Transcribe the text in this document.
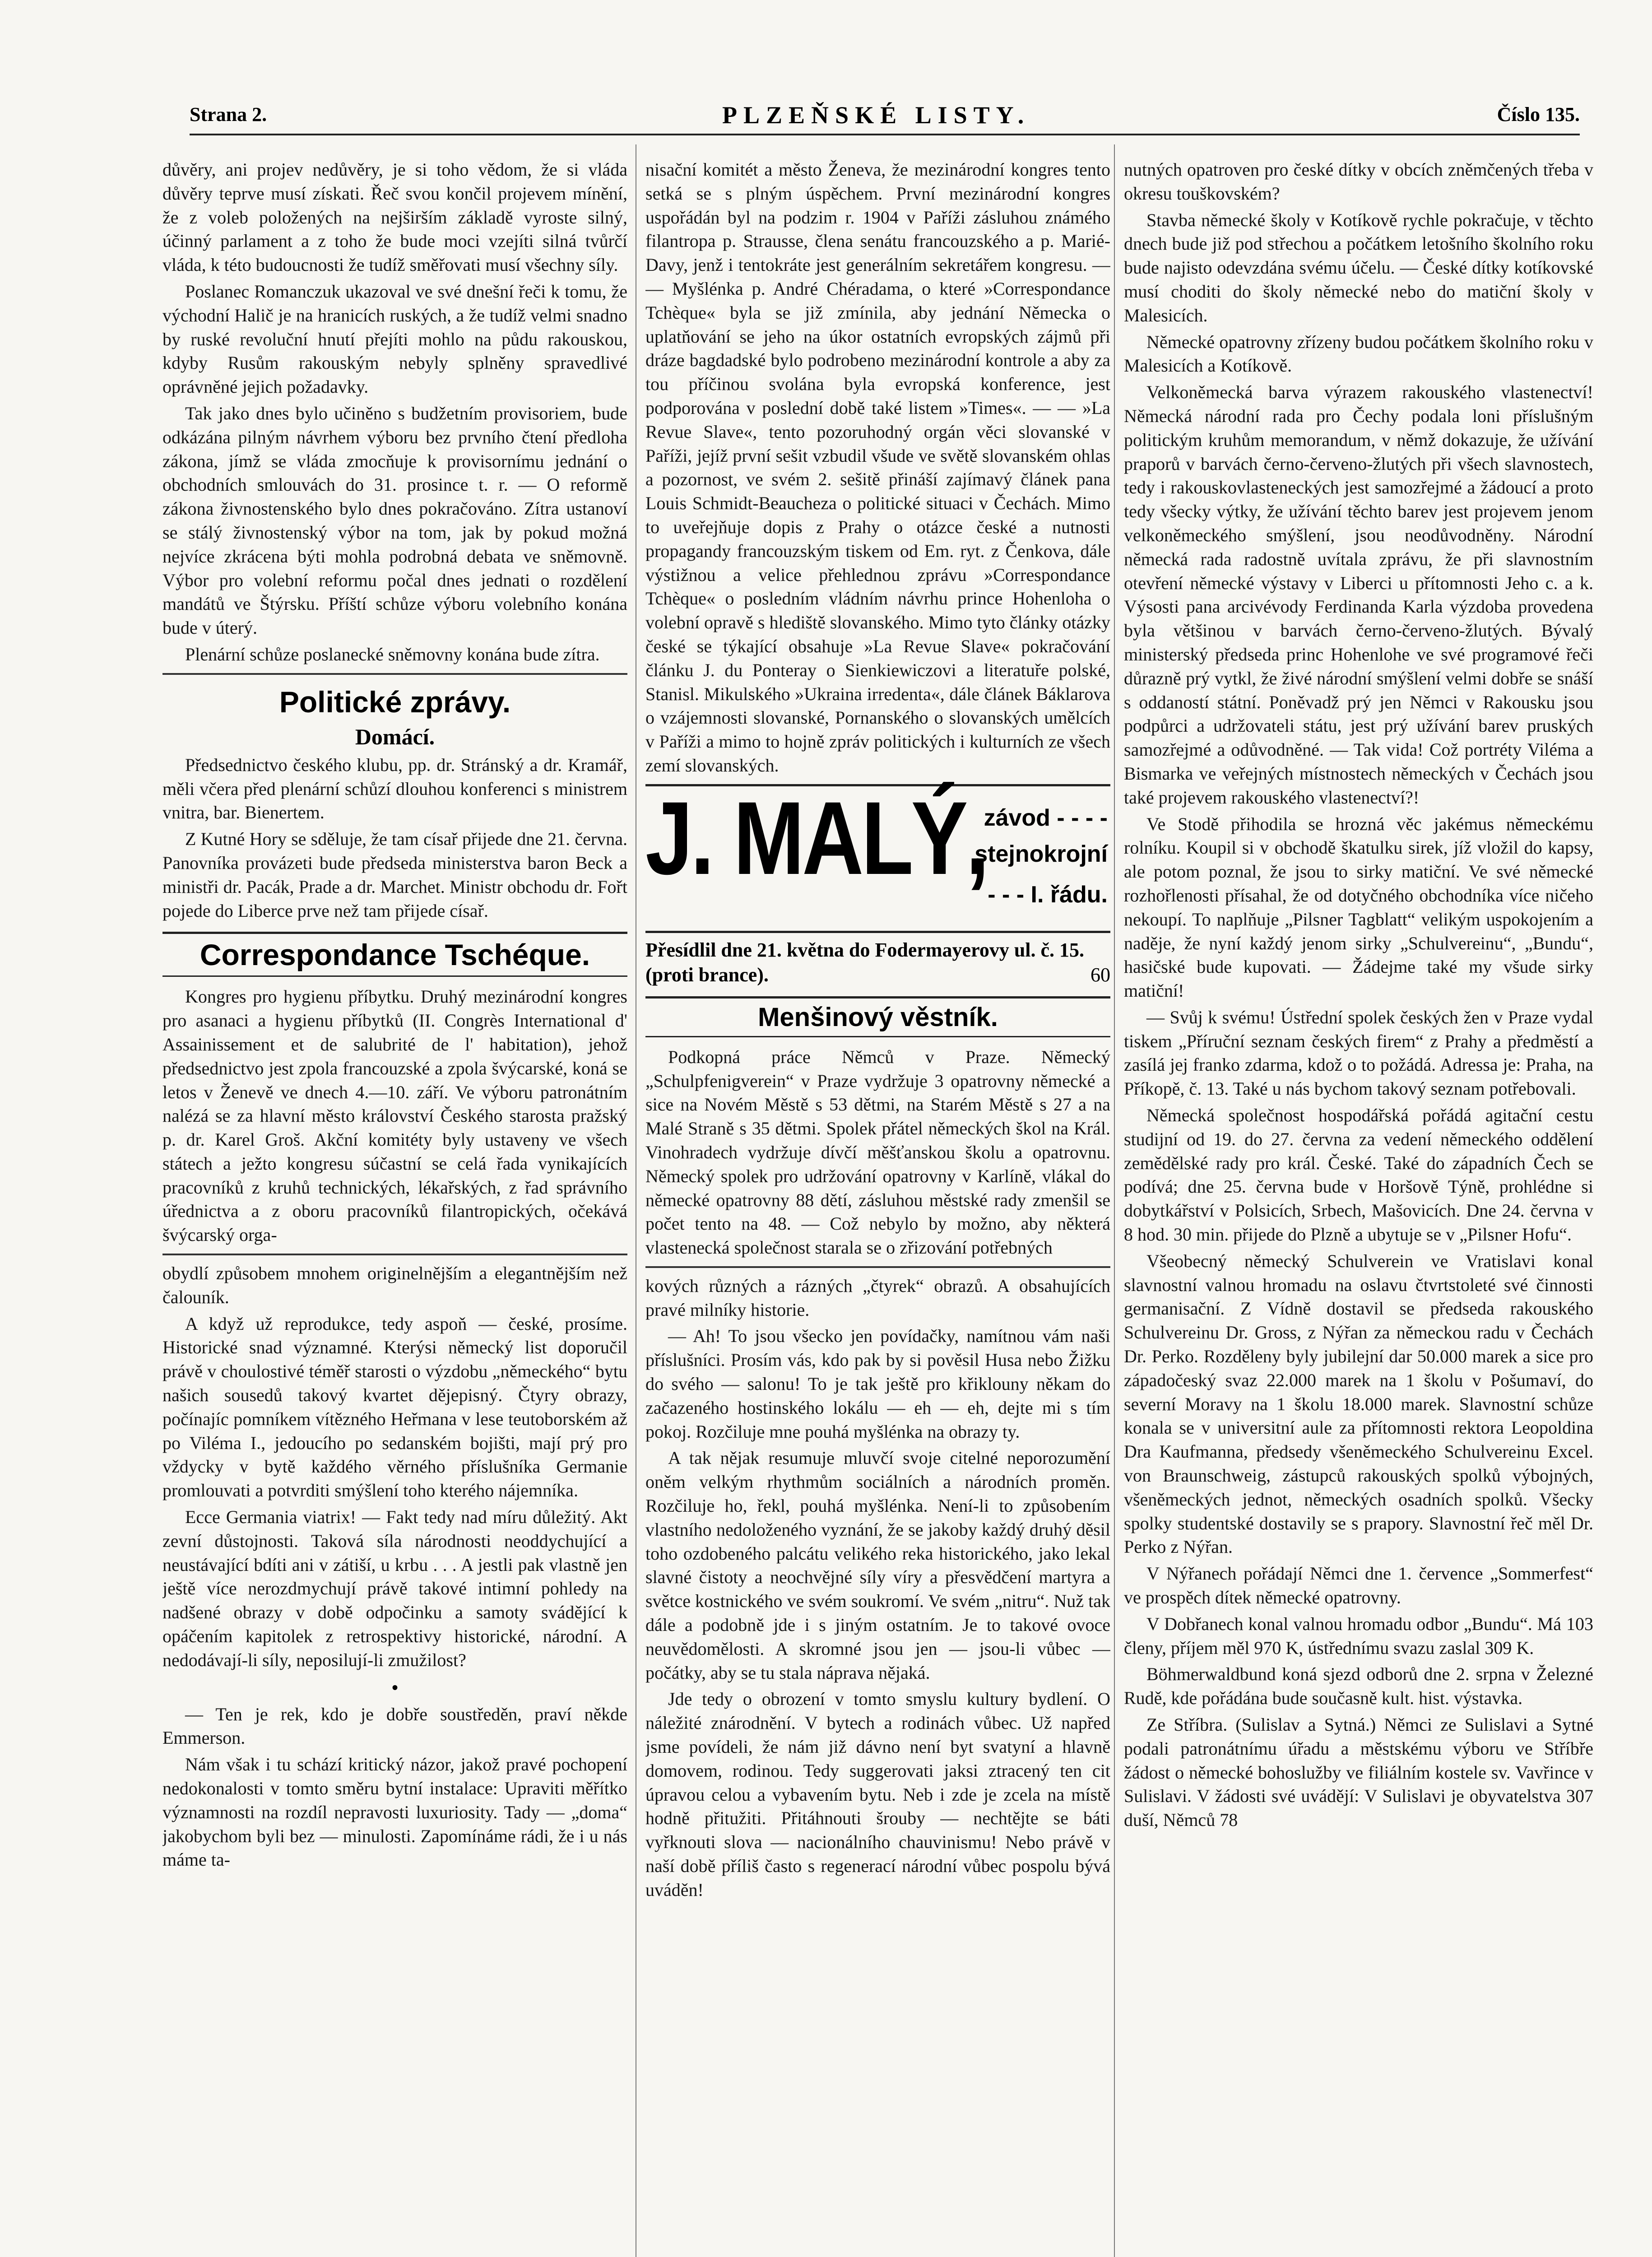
Strana 2.	PLZEŇSKÉ LISTY.	Číslo 135.

důvěry, ani projev nedůvěry, je si toho vědom, že si vláda důvěry teprve musí získati. Řeč svou končil projevem mínění, že z voleb položených na nejširším základě vyroste silný, účinný parlament a z toho že bude moci vzejíti silná tvůrčí vláda, k této budoucnosti že tudíž směřovati musí všechny síly.

Poslanec Romanczuk ukazoval ve své dnešní řeči k tomu, že východní Halič je na hranicích ruských, a že tudíž velmi snadno by ruské revoluční hnutí přejíti mohlo na půdu rakouskou, kdyby Rusům rakouským nebyly splněny spravedlivé oprávněné jejich požadavky.

Tak jako dnes bylo učiněno s budžetním provisoriem, bude odkázána pilným návrhem výboru bez prvního čtení předloha zákona, jímž se vláda zmocňuje k provisornímu jednání o obchodních smlouvách do 31. prosince t. r. — O reformě zákona živnostenského bylo dnes pokračováno. Zítra ustanoví se stálý živnostenský výbor na tom, jak by pokud možná nejvíce zkrácena býti mohla podrobná debata ve sněmovně. Výbor pro volební reformu počal dnes jednati o rozdělení mandátů ve Štýrsku. Příští schůze výboru volebního konána bude v úterý.

Plenární schůze poslanecké sněmovny konána bude zítra.

Politické zprávy.
Domácí.

Předsednictvo českého klubu, pp. dr. Stránský a dr. Kramář, měli včera před plenární schůzí dlouhou konferenci s ministrem vnitra, bar. Bienertem.

Z Kutné Hory se sděluje, že tam císař přijede dne 21. června. Panovníka provázeti bude předseda ministerstva baron Beck a ministři dr. Pacák, Prade a dr. Marchet. Ministr obchodu dr. Fořt pojede do Liberce prve než tam přijede císař.

Correspondance Tschéque.

Kongres pro hygienu příbytku. Druhý mezinárodní kongres pro asanaci a hygienu příbytků (II. Congrès International d' Assainissement et de salubrité de l' habitation), jehož předsednictvo jest zpola francouzské a zpola švýcarské, koná se letos v Ženevě ve dnech 4.—10. září. Ve výboru patronátním nalézá se za hlavní město království Českého starosta pražský p. dr. Karel Groš. Akční komitéty byly ustaveny ve všech státech a ježto kongresu súčastní se celá řada vynikajících pracovníků z kruhů technických, lékařských, z řad správního úřednictva a z oboru pracovníků filantropických, očekává švýcarský orga-

obydlí způsobem mnohem originelnějším a elegantnějším než čalouník.

A když už reprodukce, tedy aspoň — české, prosíme. Historické snad významné. Kterýsi německý list doporučil právě v choulostivé téměř starosti o výzdobu „německého“ bytu našich sousedů takový kvartet dějepisný. Čtyry obrazy, počínajíc pomníkem vítězného Heřmana v lese teutoborském až po Viléma I., jedoucího po sedanském bojišti, mají prý pro vždycky v bytě každého věrného příslušníka Germanie promlouvati a potvrditi smýšlení toho kterého nájemníka.

Ecce Germania viatrix! — Fakt tedy nad míru důležitý. Akt zevní důstojnosti. Taková síla národnosti neoddychující a neustávající bdíti ani v zátiší, u krbu . . . A jestli pak vlastně jen ještě více nerozdmychují právě takové intimní pohledy na nadšené obrazy v době odpočinku a samoty svádějící k opáčením kapitolek z retrospektivy historické, národní. A nedodávají-li síly, neposilují-li zmužilost?

•

— Ten je rek, kdo je dobře soustředěn, praví někde Emmerson.

Nám však i tu schází kritický názor, jakož pravé pochopení nedokonalosti v tomto směru bytní instalace: Upraviti měřítko významnosti na rozdíl nepravosti luxuriosity. Tady — „doma“ jakobychom byli bez — minulosti. Zapomínáme rádi, že i u nás máme ta-

nisační komitét a město Ženeva, že mezinárodní kongres tento setká se s plným úspěchem. První mezinárodní kongres uspořádán byl na podzim r. 1904 v Paříži zásluhou známého filantropa p. Strausse, člena senátu francouzského a p. Marié-Davy, jenž i tentokráte jest generálním sekretářem kongresu. — — Myšlénka p. André Chéradama, o které »Correspondance Tchèque« byla se již zmínila, aby jednání Německa o uplatňování se jeho na úkor ostatních evropských zájmů při dráze bagdadské bylo podrobeno mezinárodní kontrole a aby za tou příčinou svolána byla evropská konference, jest podporována v poslední době také listem »Times«. — — »La Revue Slave«, tento pozoruhodný orgán věci slovanské v Paříži, jejíž první sešit vzbudil všude ve světě slovanském ohlas a pozornost, ve svém 2. sešitě přináší zajímavý článek pana Louis Schmidt-Beaucheza o politické situaci v Čechách. Mimo to uveřejňuje dopis z Prahy o otázce české a nutnosti propagandy francouzským tiskem od Em. ryt. z Čenkova, dále výstižnou a velice přehlednou zprávu »Correspondance Tchèque« o posledním vládním návrhu prince Hohenloha o volební opravě s hlediště slovanského. Mimo tyto články otázky české se týkající obsahuje »La Revue Slave« pokračování článku J. du Ponteray o Sienkiewiczovi a literatuře polské, Stanisl. Mikulského »Ukraina irredenta«, dále článek Báklarova o vzájemnosti slovanské, Pornanského o slovanských umělcích v Paříži a mimo to hojně zpráv politických i kulturních ze všech zemí slovanských.

J. MALÝ,
závod - - - -
stejnokrojní
- - - I. řádu.
Přesídlil dne 21. května do Fodermayerovy ul. č. 15. (proti brance).	60
Menšinový věstník.

Podkopná práce Němců v Praze. Německý „Schulpfenigverein“ v Praze vydržuje 3 opatrovny německé a sice na Novém Městě s 53 dětmi, na Starém Městě s 27 a na Malé Straně s 35 dětmi. Spolek přátel německých škol na Král. Vinohradech vydržuje dívčí měšťanskou školu a opatrovnu. Německý spolek pro udržování opatrovny v Karlíně, vlákal do německé opatrovny 88 dětí, zásluhou městské rady zmenšil se počet tento na 48. — Což nebylo by možno, aby některá vlastenecká společnost starala se o zřizování potřebných

kových různých a rázných „čtyrek“ obrazů. A obsahujících pravé milníky historie.

— Ah! To jsou všecko jen povídačky, namítnou vám naši příslušníci. Prosím vás, kdo pak by si pověsil Husa nebo Žižku do svého — salonu! To je tak ještě pro křiklouny někam do začazeného hostinského lokálu — eh — eh, dejte mi s tím pokoj. Rozčiluje mne pouhá myšlénka na obrazy ty.

A tak nějak resumuje mluvčí svoje citelné neporozumění oněm velkým rhythmům sociálních a národních proměn. Rozčiluje ho, řekl, pouhá myšlénka. Není-li to způsobením vlastního nedoloženého vyznání, že se jakoby každý druhý děsil toho ozdobeného palcátu velikého reka historického, jako lekal slavné čistoty a neochvějné síly víry a přesvědčení martyra a světce kostnického ve svém soukromí. Ve svém „nitru“. Nuž tak dále a podobně jde i s jiným ostatním. Je to takové ovoce neuvědomělosti. A skromné jsou jen — jsou-li vůbec — počátky, aby se tu stala náprava nějaká.

Jde tedy o obrození v tomto smyslu kultury bydlení. O náležité znárodnění. V bytech a rodinách vůbec. Už napřed jsme povídeli, že nám již dávno není byt svatyní a hlavně domovem, rodinou. Tedy suggerovati jaksi ztracený ten cit úpravou celou a vybavením bytu. Neb i zde je zcela na místě hodně přitužiti. Přitáhnouti šrouby — nechtějte se báti vyřknouti slova — nacionálního chauvinismu! Nebo právě v naší době příliš často s regenerací národní vůbec pospolu bývá uváděn!

nutných opatroven pro české dítky v obcích zněmčených třeba v okresu touškovském?

Stavba německé školy v Kotíkově rychle pokračuje, v těchto dnech bude již pod střechou a počátkem letošního školního roku bude najisto odevzdána svému účelu. — České dítky kotíkovské musí choditi do školy německé nebo do matiční školy v Malesicích.

Německé opatrovny zřízeny budou počátkem školního roku v Malesicích a Kotíkově.

Velkoněmecká barva výrazem rakouského vlastenectví! Německá národní rada pro Čechy podala loni příslušným politickým kruhům memorandum, v němž dokazuje, že užívání praporů v barvách černo-červeno-žlutých při všech slavnostech, tedy i rakouskovlasteneckých jest samozřejmé a žádoucí a proto tedy všecky výtky, že užívání těchto barev jest projevem jenom velkoněmeckého smýšlení, jsou neodůvodněny. Národní německá rada radostně uvítala zprávu, že při slavnostním otevření německé výstavy v Liberci u přítomnosti Jeho c. a k. Výsosti pana arcivévody Ferdinanda Karla výzdoba provedena byla většinou v barvách černo-červeno-žlutých. Bývalý ministerský předseda princ Hohenlohe ve své programové řeči důrazně prý vytkl, že živé národní smýšlení velmi dobře se snáší s oddaností státní. Poněvadž prý jen Němci v Rakousku jsou podpůrci a udržovateli státu, jest prý užívání barev pruských samozřejmé a odůvodněné. — Tak vida! Což portréty Viléma a Bismarka ve veřejných místnostech německých v Čechách jsou také projevem rakouského vlastenectví?!

Ve Stodě přihodila se hrozná věc jakémus německému rolníku. Koupil si v obchodě škatulku sirek, jíž vložil do kapsy, ale potom poznal, že jsou to sirky matiční. Ve své německé rozhořlenosti přísahal, že od dotyčného obchodníka více ničeho nekoupí. To naplňuje „Pilsner Tagblatt“ velikým uspokojením a naděje, že nyní každý jenom sirky „Schulvereinu“, „Bundu“, hasičské bude kupovati. — Žádejme také my všude sirky matiční!

— Svůj k svému! Ústřední spolek českých žen v Praze vydal tiskem „Příruční seznam českých firem“ z Prahy a předměstí a zasílá jej franko zdarma, kdož o to požádá. Adressa je: Praha, na Příkopě, č. 13. Také u nás bychom takový seznam potřebovali.

Německá společnost hospodářská pořádá agitační cestu studijní od 19. do 27. června za vedení německého oddělení zemědělské rady pro král. České. Také do západních Čech se podívá; dne 25. června bude v Horšově Týně, prohlédne si dobytkářství v Polsicích, Srbech, Mašovicích. Dne 24. června v 8 hod. 30 min. přijede do Plzně a ubytuje se v „Pilsner Hofu“.

Všeobecný německý Schulverein ve Vratislavi konal slavnostní valnou hromadu na oslavu čtvrtstoleté své činnosti germanisační. Z Vídně dostavil se předseda rakouského Schulvereinu Dr. Gross, z Nýřan za německou radu v Čechách Dr. Perko. Rozděleny byly jubilejní dar 50.000 marek a sice pro západočeský svaz 22.000 marek na 1 školu v Pošumaví, do severní Moravy na 1 školu 18.000 marek. Slavnostní schůze konala se v universitní aule za přítomnosti rektora Leopoldina Dra Kaufmanna, předsedy všeněmeckého Schulvereinu Excel. von Braunschweig, zástupců rakouských spolků výbojných, všeněmeckých jednot, německých osadních spolků. Všecky spolky studentské dostavily se s prapory. Slavnostní řeč měl Dr. Perko z Nýřan.

V Nýřanech pořádají Němci dne 1. července „Sommerfest“ ve prospěch dítek německé opatrovny.

V Dobřanech konal valnou hromadu odbor „Bundu“. Má 103 členy, příjem měl 970 K, ústřednímu svazu zaslal 309 K.

Böhmerwaldbund koná sjezd odborů dne 2. srpna v Železné Rudě, kde pořádána bude současně kult. hist. výstavka.

Ze Stříbra. (Sulislav a Sytná.) Němci ze Sulislavi a Sytné podali patronátnímu úřadu a městskému výboru ve Stříbře žádost o německé bohoslužby ve filiálním kostele sv. Vavřince v Sulislavi. V žádosti své uvádějí: V Sulislavi je obyvatelstva 307 duší, Němců 78
